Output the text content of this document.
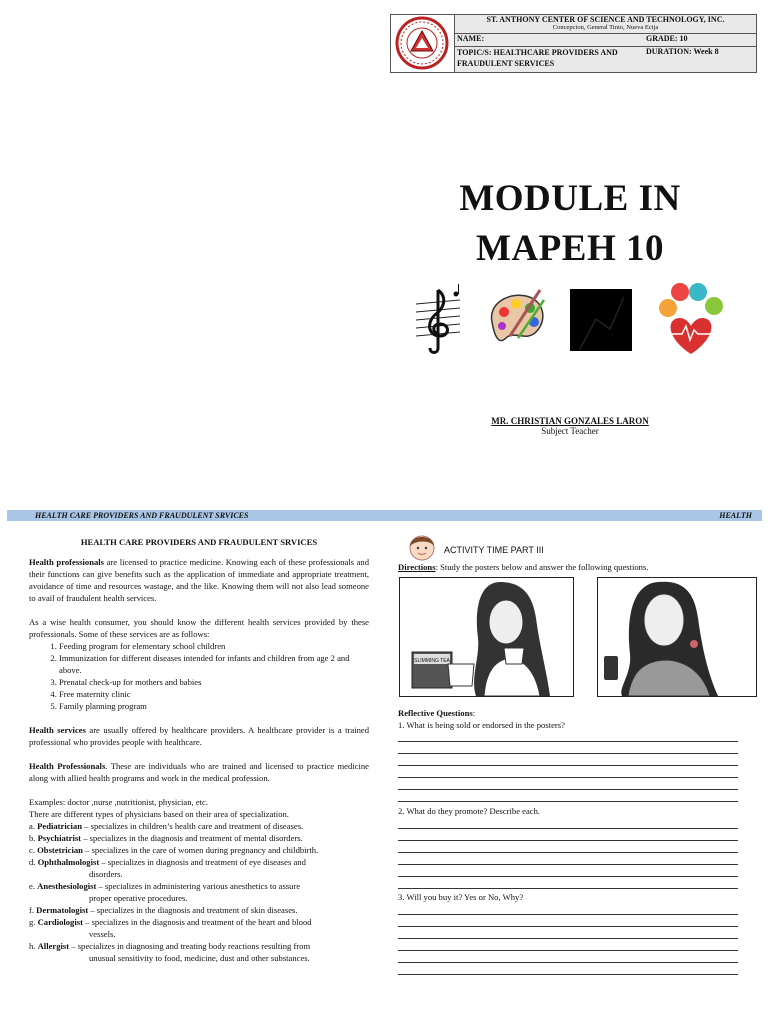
ST. ANTHONY CENTER OF SCIENCE AND TECHNOLOGY, INC.
Concepcion, General Tinio, Nueva Ecija
NAME:	GRADE: 10
TOPIC/S: HEALTHCARE PROVIDERS AND FRAUDULENT SERVICES
DURATION: Week 8
MODULE IN
MAPEH 10
MR. CHRISTIAN GONZALES LARON
Subject Teacher
HEALTH CARE PROVIDERS AND FRAUDULENT SRVICES	HEALTH

HEALTH CARE PROVIDERS AND FRAUDULENT SRVICES

Health professionals are licensed to practice medicine. Knowing each of these professionals and their functions can give benefits such as the application of immediate and appropriate treatment, avoidance of time and resources wastage, and the like. Knowing them will not also lead someone to avail of fraudulent health services.

As a wise health consumer, you should know the different health services provided by these professionals. Some of these services are as follows:

1. Feeding program for elementary school children
2. Immunization for different diseases intended for infants and children from age 2 and above.
3. Prenatal check-up for mothers and babies
4. Free maternity clinic
5. Family planning program

Health services are usually offered by healthcare providers. A healthcare provider is a trained professional who provides people with healthcare.

Health Professionals. These are individuals who are trained and licensed to practice medicine along with allied health programs and work in the medical profession.

Examples: doctor ,nurse ,nutritionist, physician, etc.

There are different types of physicians based on their area of specialization.

a. Pediatrician – specializes in children’s health care and treatment of diseases.

b. Psychiatrist – specializes in the diagnosis and treatment of mental disorders.

c. Obstetrician – specializes in the care of women during pregnancy and childbirth.

d. Ophthalmologist – specializes in diagnosis and treatment of eye diseases and

disorders.

e. Anesthesiologist – specializes in administering various anesthetics to assure

proper operative procedures.

f. Dermatologist – specializes in the diagnosis and treatment of skin diseases.

g. Cardiologist – specializes in the diagnosis and treatment of the heart and blood

vessels.

h. Allergist – specializes in diagnosing and treating body reactions resulting from

unusual sensitivity to food, medicine, dust and other substances.

ACTIVITY TIME PART III
Directions: Study the posters below and answer the following questions.
SLIMMING TEA
Reflective Questions:
1. What is being sold or endorsed in the posters?
2. What do they promote? Describe each.
3. Will you buy it? Yes or No, Why?
